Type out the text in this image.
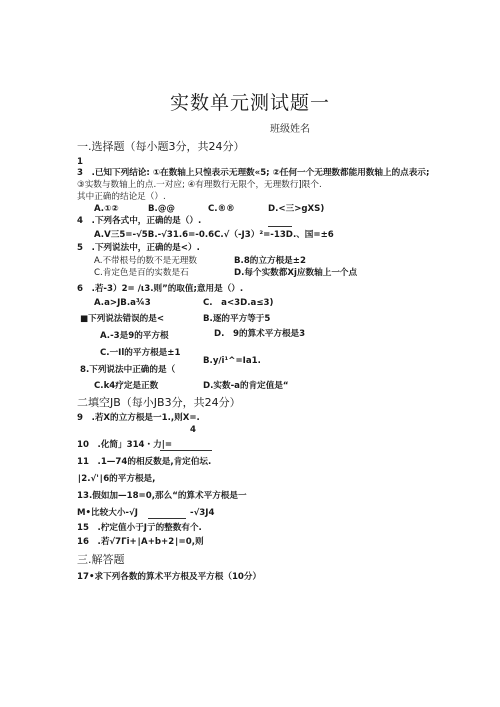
实数单元测试题一
班级姓名
一.选择题（每小题3分，共24分）
1
3　.已知下列结论: ①在数轴上只惶表示无理数«5; ②任何一个无理数都能用数轴上的点表示;
③实数与数轴上的点.一对应; ④有理数行无限个，无理数行]限个.
其中正确的结论足（）.
A.①②	B.@@	C.®®	D.<三>gXS)
4　.下列各式中，正确的是（）.
A.V三5=-√5B.-√31.6=-0.6C.√（-J3）²=-13D.、国=±6
5　.下列说法中，正确的是<）.
A.不带根号的数不是无理数	B.8的立方根是±2
C.肯定色是百的实数是石	D.每个实数都Xj应数轴上一个点
6　.若-3）2= /ι3.则”的取值;意用是（）.
A.a>JB.a¾3	C.　a<3D.a≤3)
■下列说法错误的是<	B.逐的平方等于5
A.-3是9的平方根	D.　9的算术平方根是3
C.一Il的平方根是±1
B.y∕i¹^=Ia1.
8.下列说法中正确的是（
C.k4疗定是正数	D.实数-a的肯定值是“
二填空JB（每小JB3分，共24分）
9　.若X的立方根是一1.,则X=.
4
10　.化简」314・力|=
11　.1—74的相反数是,肯定伯坛.
∣2.√'∣6的平方根是,
13.假如加—18=0,那么“的算术平方根是一
M•比较大小-√J	-√3J4
15　.柠定值小于J亍的整数有个.
16　.若√7Γi+∣A+b+2∣=0,则
三.解答题
17•求下列各数的算术平方根及平方根（10分）
